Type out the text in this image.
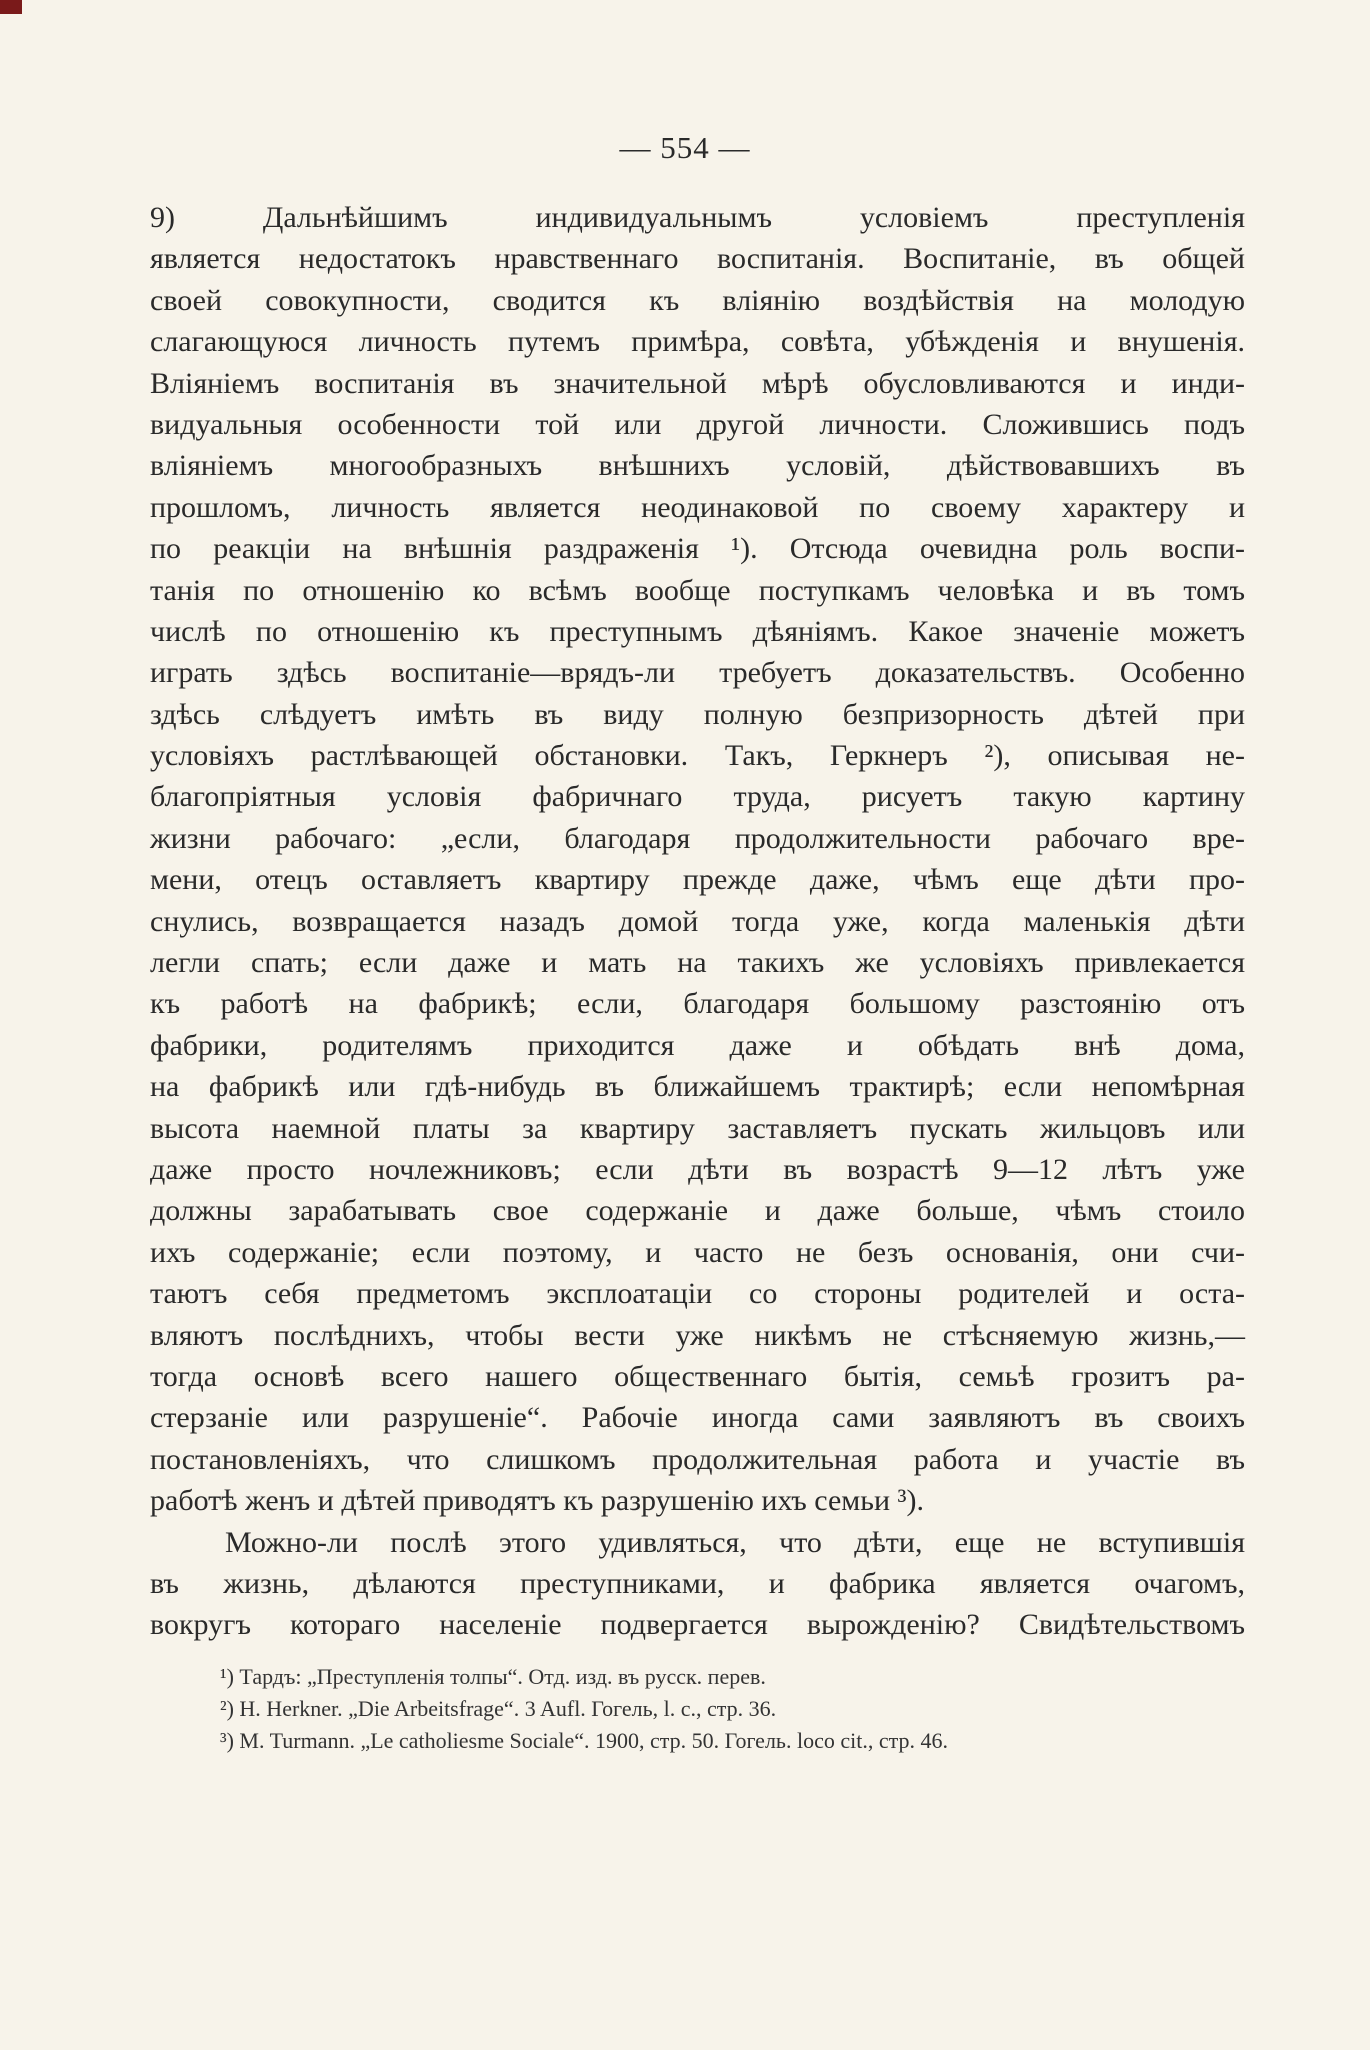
— 554 —
9) Дальнѣйшимъ индивидуальнымъ условіемъ преступленія
является недостатокъ нравственнаго воспитанія. Воспитаніе, въ общей
своей совокупности, сводится къ вліянію воздѣйствія на молодую
слагающуюся личность путемъ примѣра, совѣта, убѣжденія и внушенія.
Вліяніемъ воспитанія въ значительной мѣрѣ обусловливаются и инди-
видуальныя особенности той или другой личности. Сложившись подъ
вліяніемъ многообразныхъ внѣшнихъ условій, дѣйствовавшихъ въ
прошломъ, личность является неодинаковой по своему характеру и
по реакціи на внѣшнія раздраженія ¹). Отсюда очевидна роль воспи-
танія по отношенію ко всѣмъ вообще поступкамъ человѣка и въ томъ
числѣ по отношенію къ преступнымъ дѣяніямъ. Какое значеніе можетъ
играть здѣсь воспитаніе—врядъ-ли требуетъ доказательствъ. Особенно
здѣсь слѣдуетъ имѣть въ виду полную безпризорность дѣтей при
условіяхъ растлѣвающей обстановки. Такъ, Геркнеръ ²), описывая не-
благопріятныя условія фабричнаго труда, рисуетъ такую картину
жизни рабочаго: „если, благодаря продолжительности рабочаго вре-
мени, отецъ оставляетъ квартиру прежде даже, чѣмъ еще дѣти про-
снулись, возвращается назадъ домой тогда уже, когда маленькія дѣти
легли спать; если даже и мать на такихъ же условіяхъ привлекается
къ работѣ на фабрикѣ; если, благодаря большому разстоянію отъ
фабрики, родителямъ приходится даже и обѣдать внѣ дома,
на фабрикѣ или гдѣ-нибудь въ ближайшемъ трактирѣ; если непомѣрная
высота наемной платы за квартиру заставляетъ пускать жильцовъ или
даже просто ночлежниковъ; если дѣти въ возрастѣ 9—12 лѣтъ уже
должны зарабатывать свое содержаніе и даже больше, чѣмъ стоило
ихъ содержаніе; если поэтому, и часто не безъ основанія, они счи-
таютъ себя предметомъ эксплоатаціи со стороны родителей и оста-
вляютъ послѣднихъ, чтобы вести уже никѣмъ не стѣсняемую жизнь,—
тогда основѣ всего нашего общественнаго бытія, семьѣ грозитъ ра-
стерзаніе или разрушеніе“. Рабочіе иногда сами заявляютъ въ своихъ
постановленіяхъ, что слишкомъ продолжительная работа и участіе въ
работѣ женъ и дѣтей приводятъ къ разрушенію ихъ семьи ³).
Можно-ли послѣ этого удивляться, что дѣти, еще не вступившія
въ жизнь, дѣлаются преступниками, и фабрика является очагомъ,
вокругъ котораго населеніе подвергается вырожденію? Свидѣтельствомъ
¹) Тардъ: „Преступленія толпы“. Отд. изд. въ русск. перев.
²) H. Herkner. „Die Arbeitsfrage“. 3 Aufl. Гогель, l. c., стр. 36.
³) M. Turmann. „Le catholiesme Sociale“. 1900, стр. 50. Гогель. loco cit., стр. 46.
